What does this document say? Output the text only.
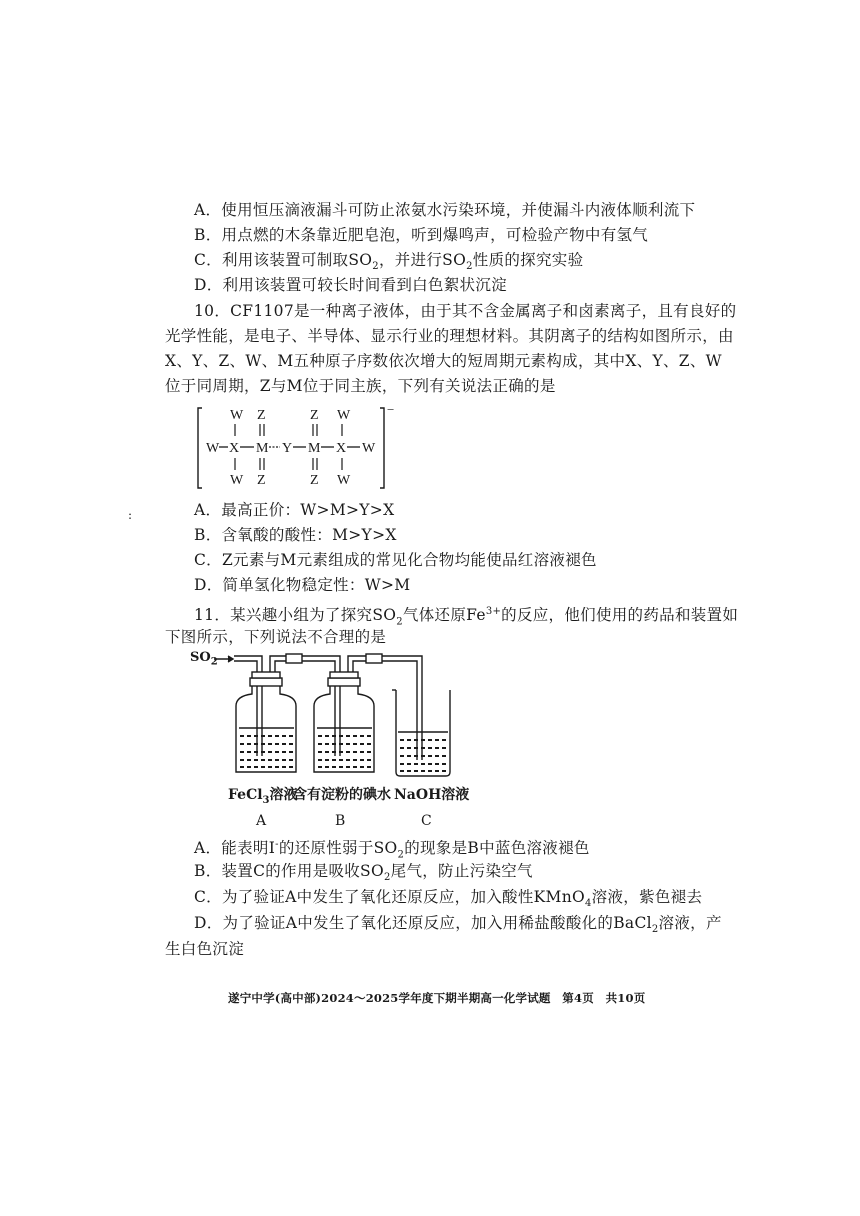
A．使用恒压滴液漏斗可防止浓氨水污染环境，并使漏斗内液体顺利流下
B．用点燃的木条靠近肥皂泡，听到爆鸣声，可检验产物中有氢气
C．利用该装置可制取$SO_2$，并进行$SO_2$性质的探究实验
D．利用该装置可较长时间看到白色絮状沉淀
10．CF1107是一种离子液体，由于其不含金属离子和卤素离子，且有良好的
光学性能，是电子、半导体、显示行业的理想材料。其阴离子的结构如图所示，由
X、Y、Z、W、M五种原子序数依次增大的短周期元素构成，其中X、Y、Z、W
位于同周期，Z与M位于同主族，下列有关说法正确的是
−
W Z	Z W
W X M Y M X W
W Z	Z W
:	A．最高正价：W>M>Y>X
B．含氧酸的酸性：M>Y>X
C．Z元素与M元素组成的常见化合物均能使品红溶液褪色
D．简单氢化物稳定性：W>M
11．某兴趣小组为了探究$SO_2$气体还原$Fe^{3+}$的反应，他们使用的药品和装置如
下图所示，下列说法不合理的是
$SO_2$
FeCl$_3$溶液
含有淀粉的碘水 NaOH溶液
A	B	C
A．能表明I-的还原性弱于$SO_2$的现象是B中蓝色溶液褪色
B．装置C的作用是吸收$SO_2$尾气，防止污染空气
C．为了验证A中发生了氧化还原反应，加入酸性KMnO$_4$溶液，紫色褪去
D．为了验证A中发生了氧化还原反应，加入用稀盐酸酸化的BaCl$_2$溶液，产
生白色沉淀
遂宁中学(高中部)2024～2025学年度下期半期高一化学试题　第4页　共10页
